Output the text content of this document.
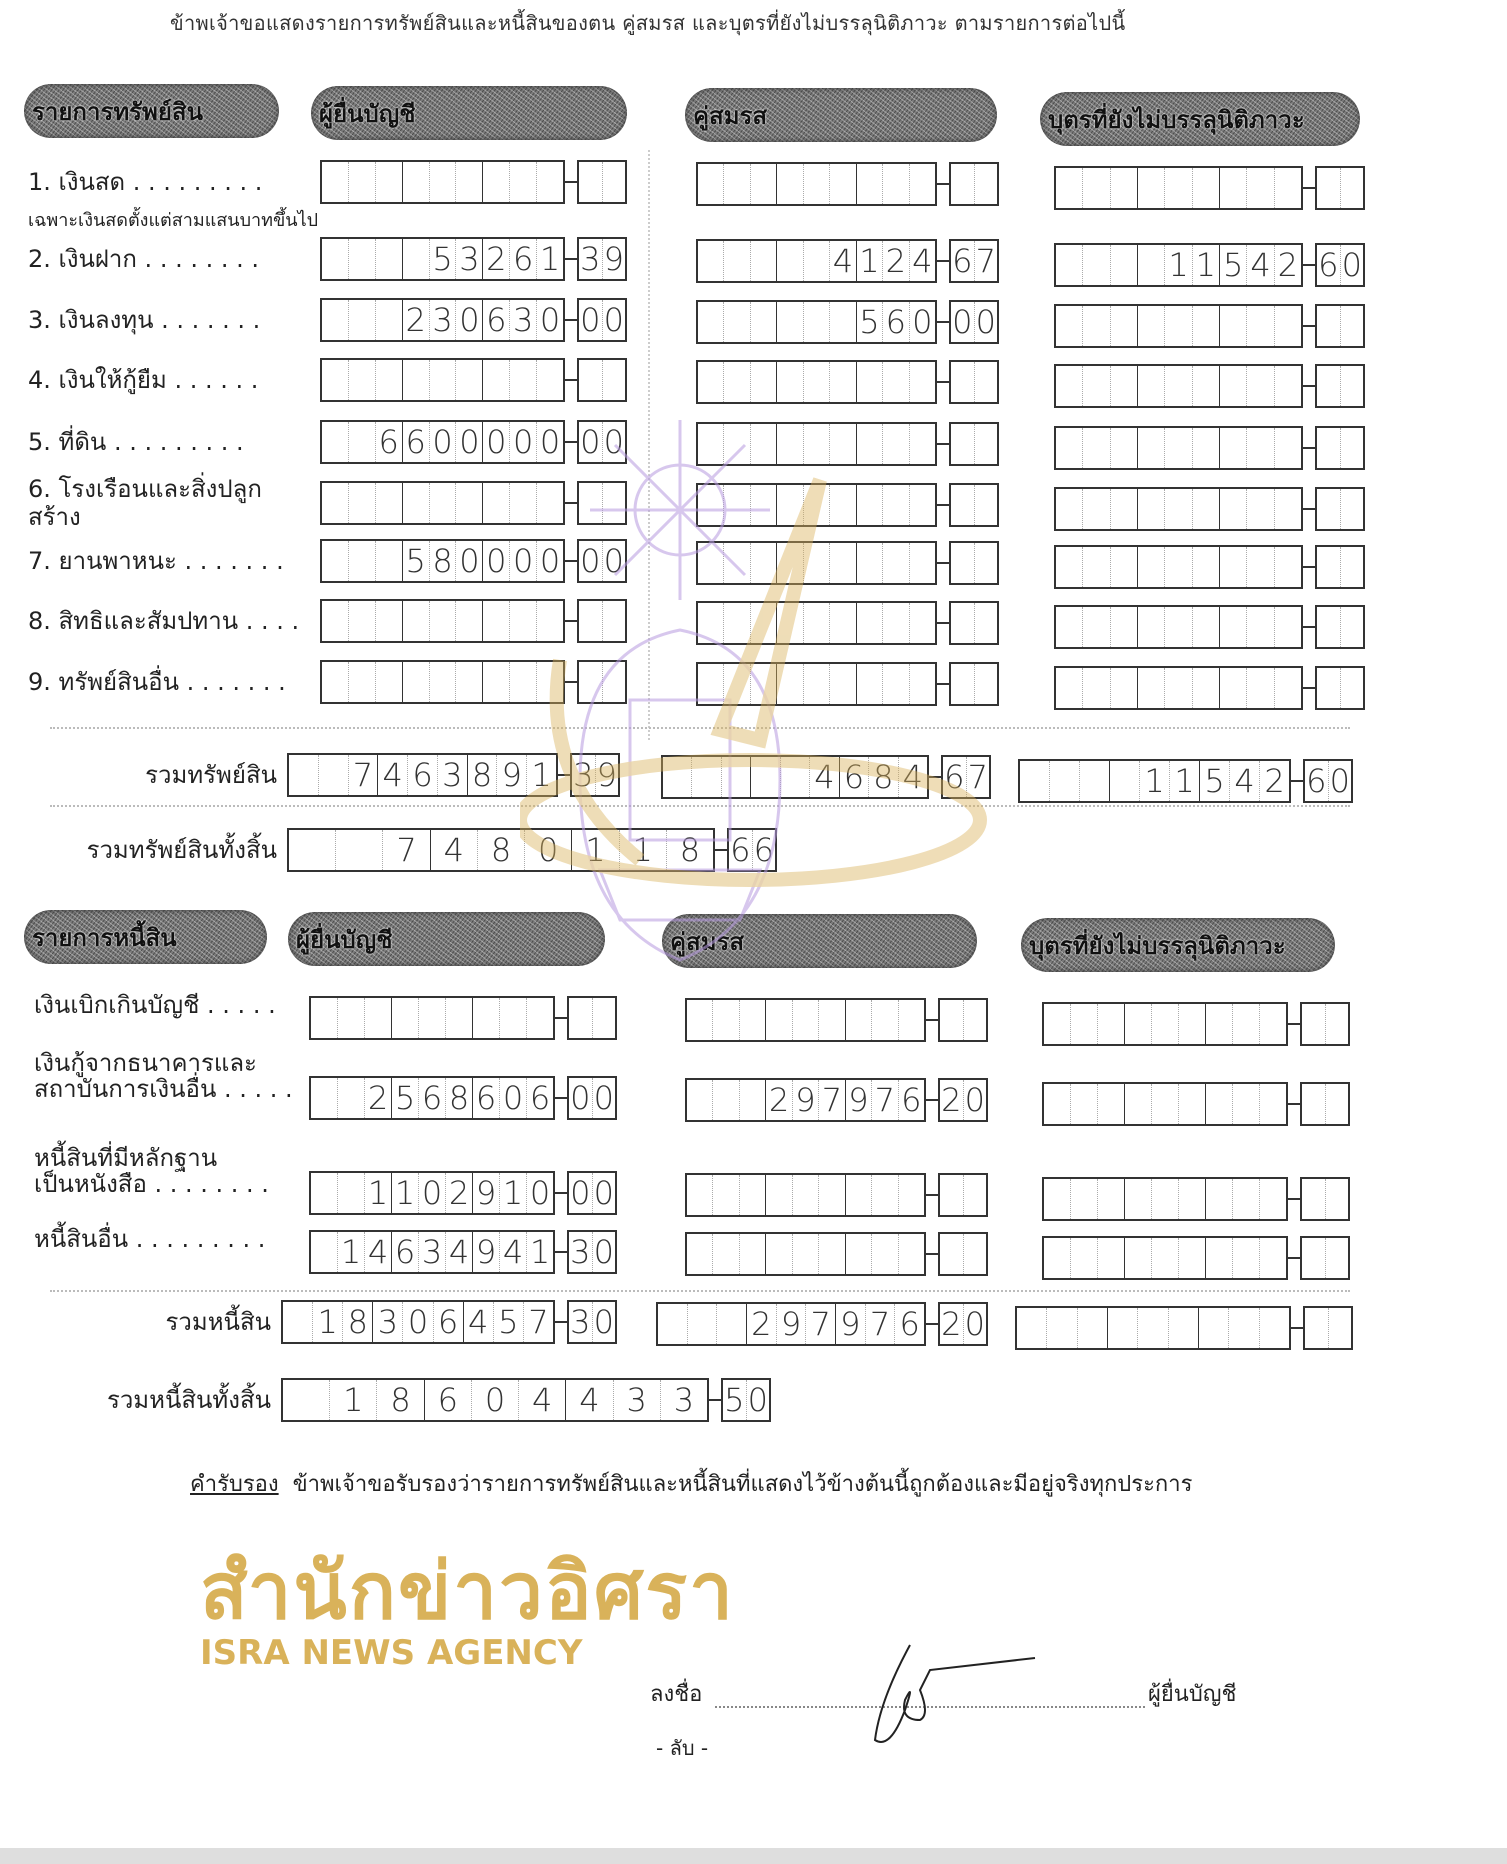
ข้าพเจ้าขอแสดงรายการทรัพย์สินและหนี้สินของตน คู่สมรส และบุตรที่ยังไม่บรรลุนิติภาวะ ตามรายการต่อไปนี้
รายการทรัพย์สิน	ผู้ยื่นบัญชี	คู่สมรส	บุตรที่ยังไม่บรรลุนิติภาวะ
1. เงินสด . . . . . . . . .
เฉพาะเงินสดตั้งแต่สามแสนบาทขึ้นไป
2. เงินฝาก . . . . . . . .	5 3 2 6 1 3 9	4 1 2 4 6 7	1 1 5 4 2 6 0
3. เงินลงทุน . . . . . . .	2 3 0 6 3 0 0 0	5 6 0 0 0
4. เงินให้กู้ยืม . . . . . .
5. ที่ดิน . . . . . . . . .	6 6 0 0 0 0 0 0 0
6. โรงเรือนและสิ่งปลูกสร้าง
7. ยานพาหนะ . . . . . . .	5 8 0 0 0 0 0 0
8. สิทธิและสัมปทาน . . . .
9. ทรัพย์สินอื่น . . . . . . .
รวมทรัพย์สิน 7 4 6 3 8 9 1 3 9	4 6 8 4 6 7	1 1 5 4 2 6 0
รวมทรัพย์สินทั้งสิ้น	7 4 8 0 1 1 8 6 6
รายการหนี้สิน	ผู้ยื่นบัญชี	คู่สมรส	บุตรที่ยังไม่บรรลุนิติภาวะ
เงินเบิกเกินบัญชี . . . . .
เงินกู้จากธนาคารและ
สถาบันการเงินอื่น . . . . . 2 5 6 8 6 0 6 0 0	2 9 7 9 7 6 2 0
หนี้สินที่มีหลักฐาน
เป็นหนังสือ . . . . . . . .	1 1 0 2 9 1 0 0 0
หนี้สินอื่น . . . . . . . . .	1 4 6 3 4 9 4 1 3 0
รวมหนี้สิน 1 8 3 0 6 4 5 7 3 0	2 9 7 9 7 6 2 0
รวมหนี้สินทั้งสิ้น	1 8 6 0 4 4 3 3 5 0
คำรับรอง ข้าพเจ้าขอรับรองว่ารายการทรัพย์สินและหนี้สินที่แสดงไว้ข้างต้นนี้ถูกต้องและมีอยู่จริงทุกประการ
สำนักข่าวอิศรา
ISRA NEWS AGENCY
ลงชื่อ	ผู้ยื่นบัญชี
- ลับ -
